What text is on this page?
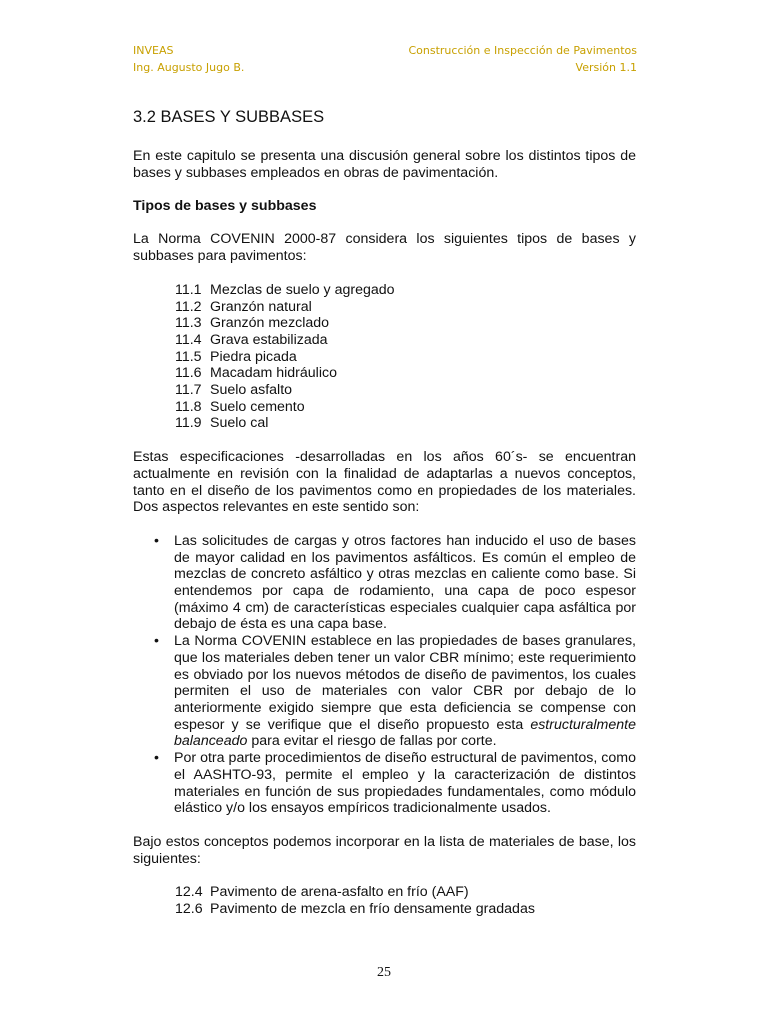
INVEAS
Ing. Augusto Jugo B.
Construcción e Inspección de Pavimentos
Versión 1.1
3.2 BASES Y SUBBASES

En este capitulo se presenta una discusión general sobre los distintos tipos de bases y subbases empleados en obras de pavimentación.

Tipos de bases y subbases

La Norma COVENIN 2000-87 considera los siguientes tipos de bases y subbases para pavimentos:

11.1 Mezclas de suelo y agregado
11.2 Granzón natural
11.3 Granzón mezclado
11.4 Grava estabilizada
11.5 Piedra picada
11.6 Macadam hidráulico
11.7 Suelo asfalto
11.8 Suelo cemento
11.9 Suelo cal

Estas especificaciones -desarrolladas en los años 60´s- se encuentran actualmente en revisión con la finalidad de adaptarlas a nuevos conceptos, tanto en el diseño de los pavimentos como en propiedades de los materiales. Dos aspectos relevantes en este sentido son:

• Las solicitudes de cargas y otros factores han inducido el uso de bases de mayor calidad en los pavimentos asfálticos. Es común el empleo de mezclas de concreto asfáltico y otras mezclas en caliente como base. Si entendemos por capa de rodamiento, una capa de poco espesor (máximo 4 cm) de características especiales cualquier capa asfáltica por debajo de ésta es una capa base.
• La Norma COVENIN establece en las propiedades de bases granulares, que los materiales deben tener un valor CBR mínimo; este requerimiento es obviado por los nuevos métodos de diseño de pavimentos, los cuales permiten el uso de materiales con valor CBR por debajo de lo anteriormente exigido siempre que esta deficiencia se compense con espesor y se verifique que el diseño propuesto esta estructuralmente balanceado para evitar el riesgo de fallas por corte.
• Por otra parte procedimientos de diseño estructural de pavimentos, como el AASHTO-93, permite el empleo y la caracterización de distintos materiales en función de sus propiedades fundamentales, como módulo elástico y/o los ensayos empíricos tradicionalmente usados.

Bajo estos conceptos podemos incorporar en la lista de materiales de base, los siguientes:

12.4 Pavimento de arena-asfalto en frío (AAF)
12.6 Pavimento de mezcla en frío densamente gradadas
25
